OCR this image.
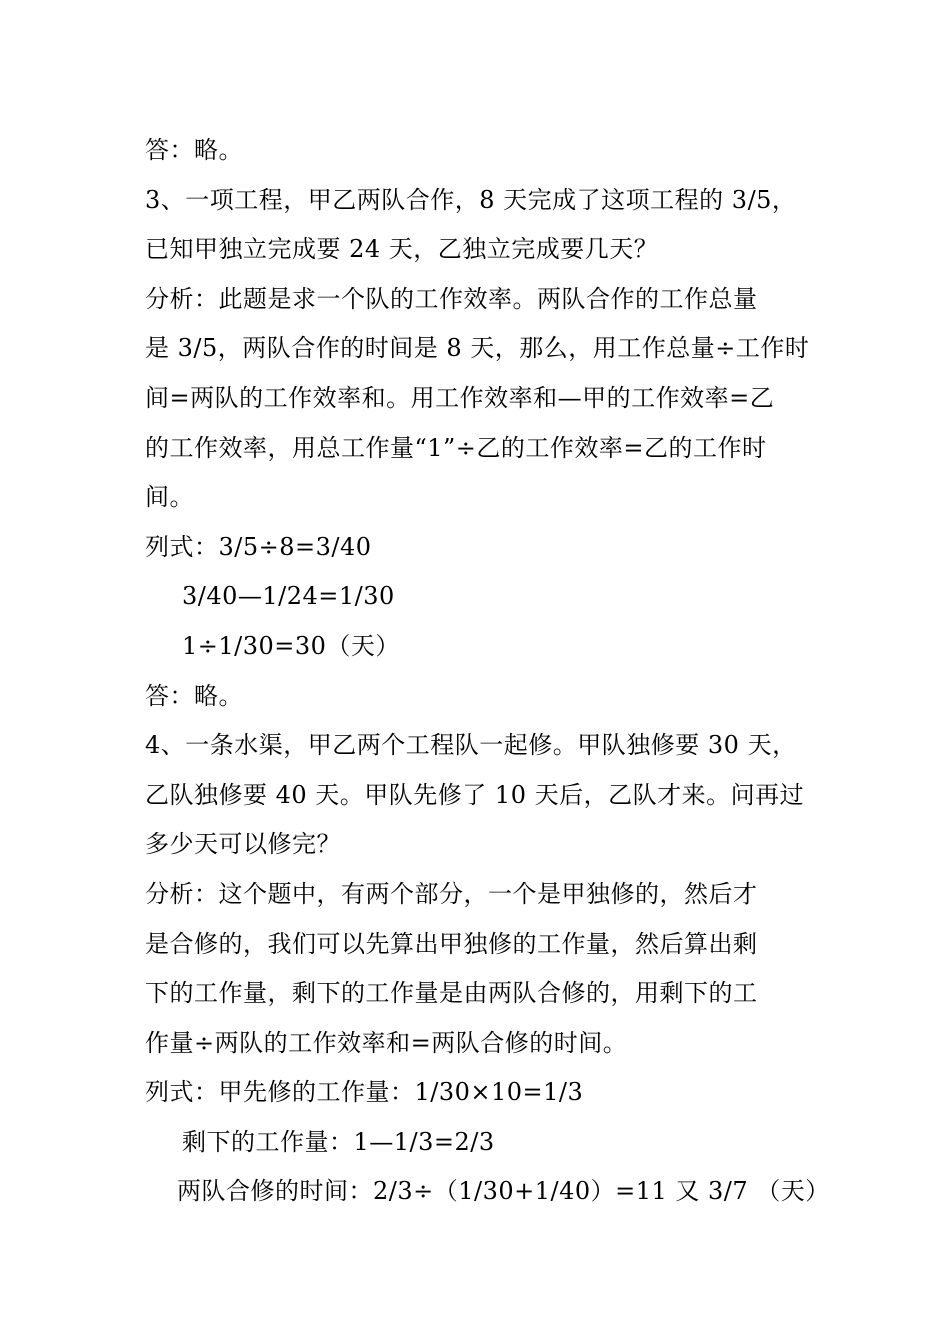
答：略。
3、一项工程，甲乙两队合作，8 天完成了这项工程的 3/5，
已知甲独立完成要 24 天，乙独立完成要几天？
分析：此题是求一个队的工作效率。两队合作的工作总量
是 3/5，两队合作的时间是 8 天，那么，用工作总量÷工作时
间=两队的工作效率和。用工作效率和—甲的工作效率=乙
的工作效率，用总工作量“1”÷乙的工作效率=乙的工作时
间。
列式：3/5÷8=3/40
3/40—1/24=1/30
1÷1/30=30（天）
答：略。
4、一条水渠，甲乙两个工程队一起修。甲队独修要 30 天，
乙队独修要 40 天。甲队先修了 10 天后，乙队才来。问再过
多少天可以修完？
分析：这个题中，有两个部分，一个是甲独修的，然后才
是合修的，我们可以先算出甲独修的工作量，然后算出剩
下的工作量，剩下的工作量是由两队合修的，用剩下的工
作量÷两队的工作效率和=两队合修的时间。
列式：甲先修的工作量：1/30×10=1/3
剩下的工作量：1—1/3=2/3
两队合修的时间：2/3÷（1/30+1/40）=11 又 3/7 （天）
